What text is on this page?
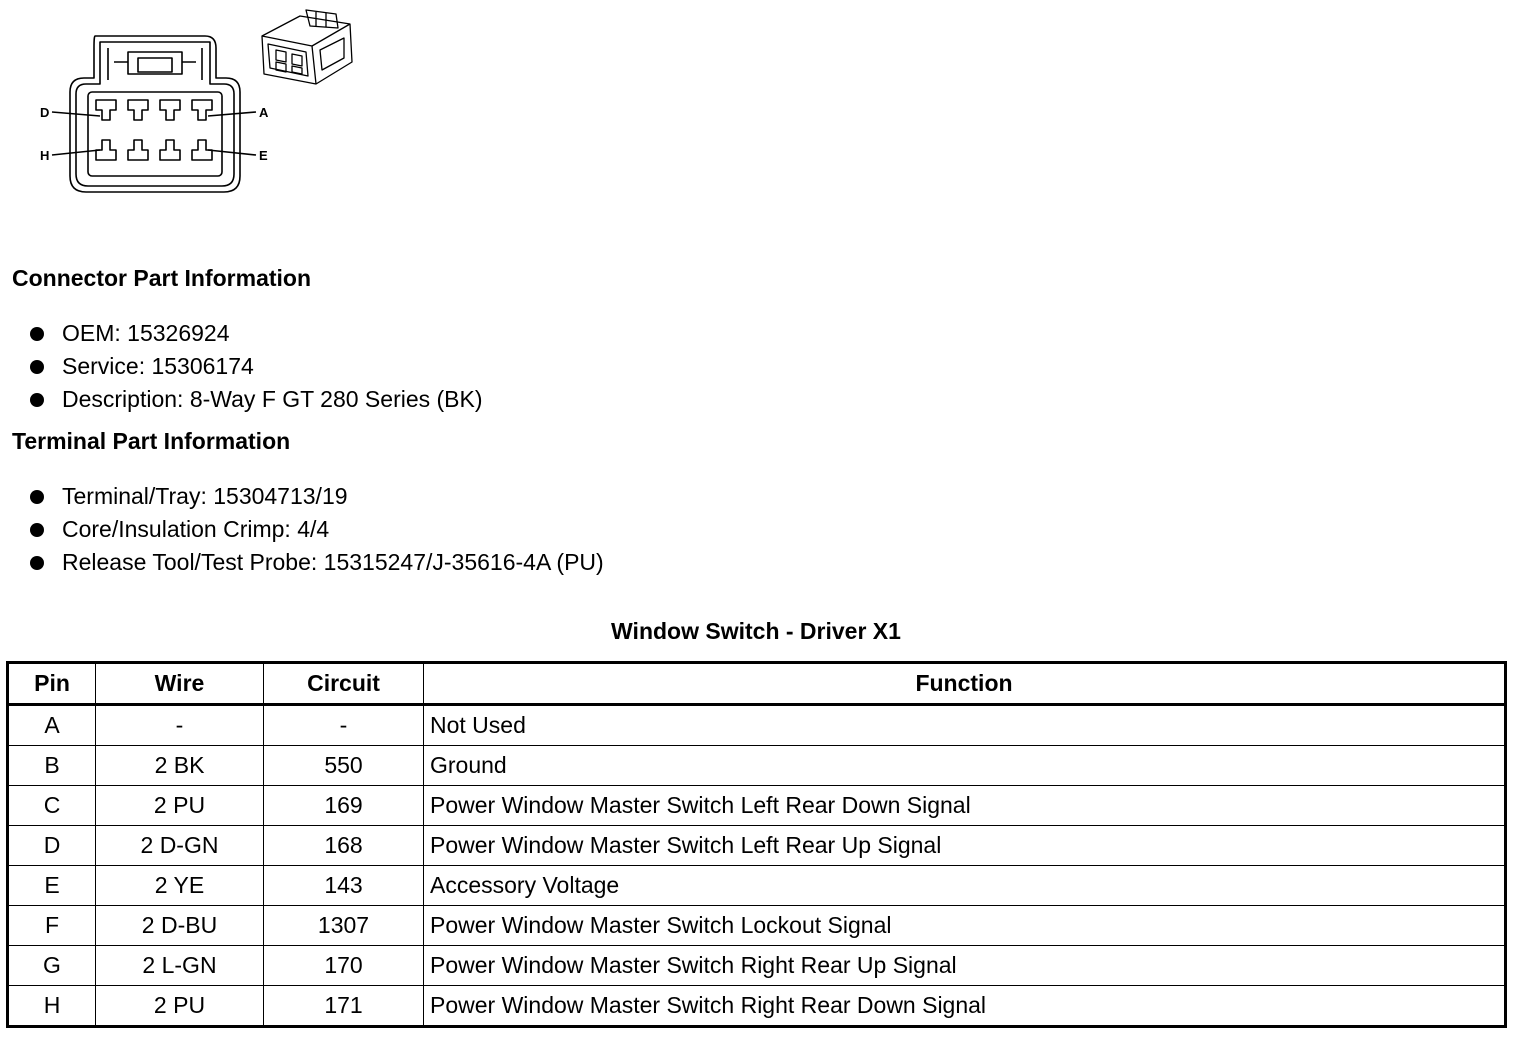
D	A
H	E
Connector Part Information
OEM: 15326924
Service: 15306174
Description: 8-Way F GT 280 Series (BK)
Terminal Part Information
Terminal/Tray: 15304713/19
Core/Insulation Crimp: 4/4
Release Tool/Test Probe: 15315247/J-35616-4A (PU)
Window Switch - Driver X1
Pin	Wire	Circuit	Function
A	-	-	Not Used
B	2 BK	550	Ground
C	2 PU	169	Power Window Master Switch Left Rear Down Signal
D	2 D-GN	168	Power Window Master Switch Left Rear Up Signal
E	2 YE	143	Accessory Voltage
F	2 D-BU	1307	Power Window Master Switch Lockout Signal
G	2 L-GN	170	Power Window Master Switch Right Rear Up Signal
H	2 PU	171	Power Window Master Switch Right Rear Down Signal
